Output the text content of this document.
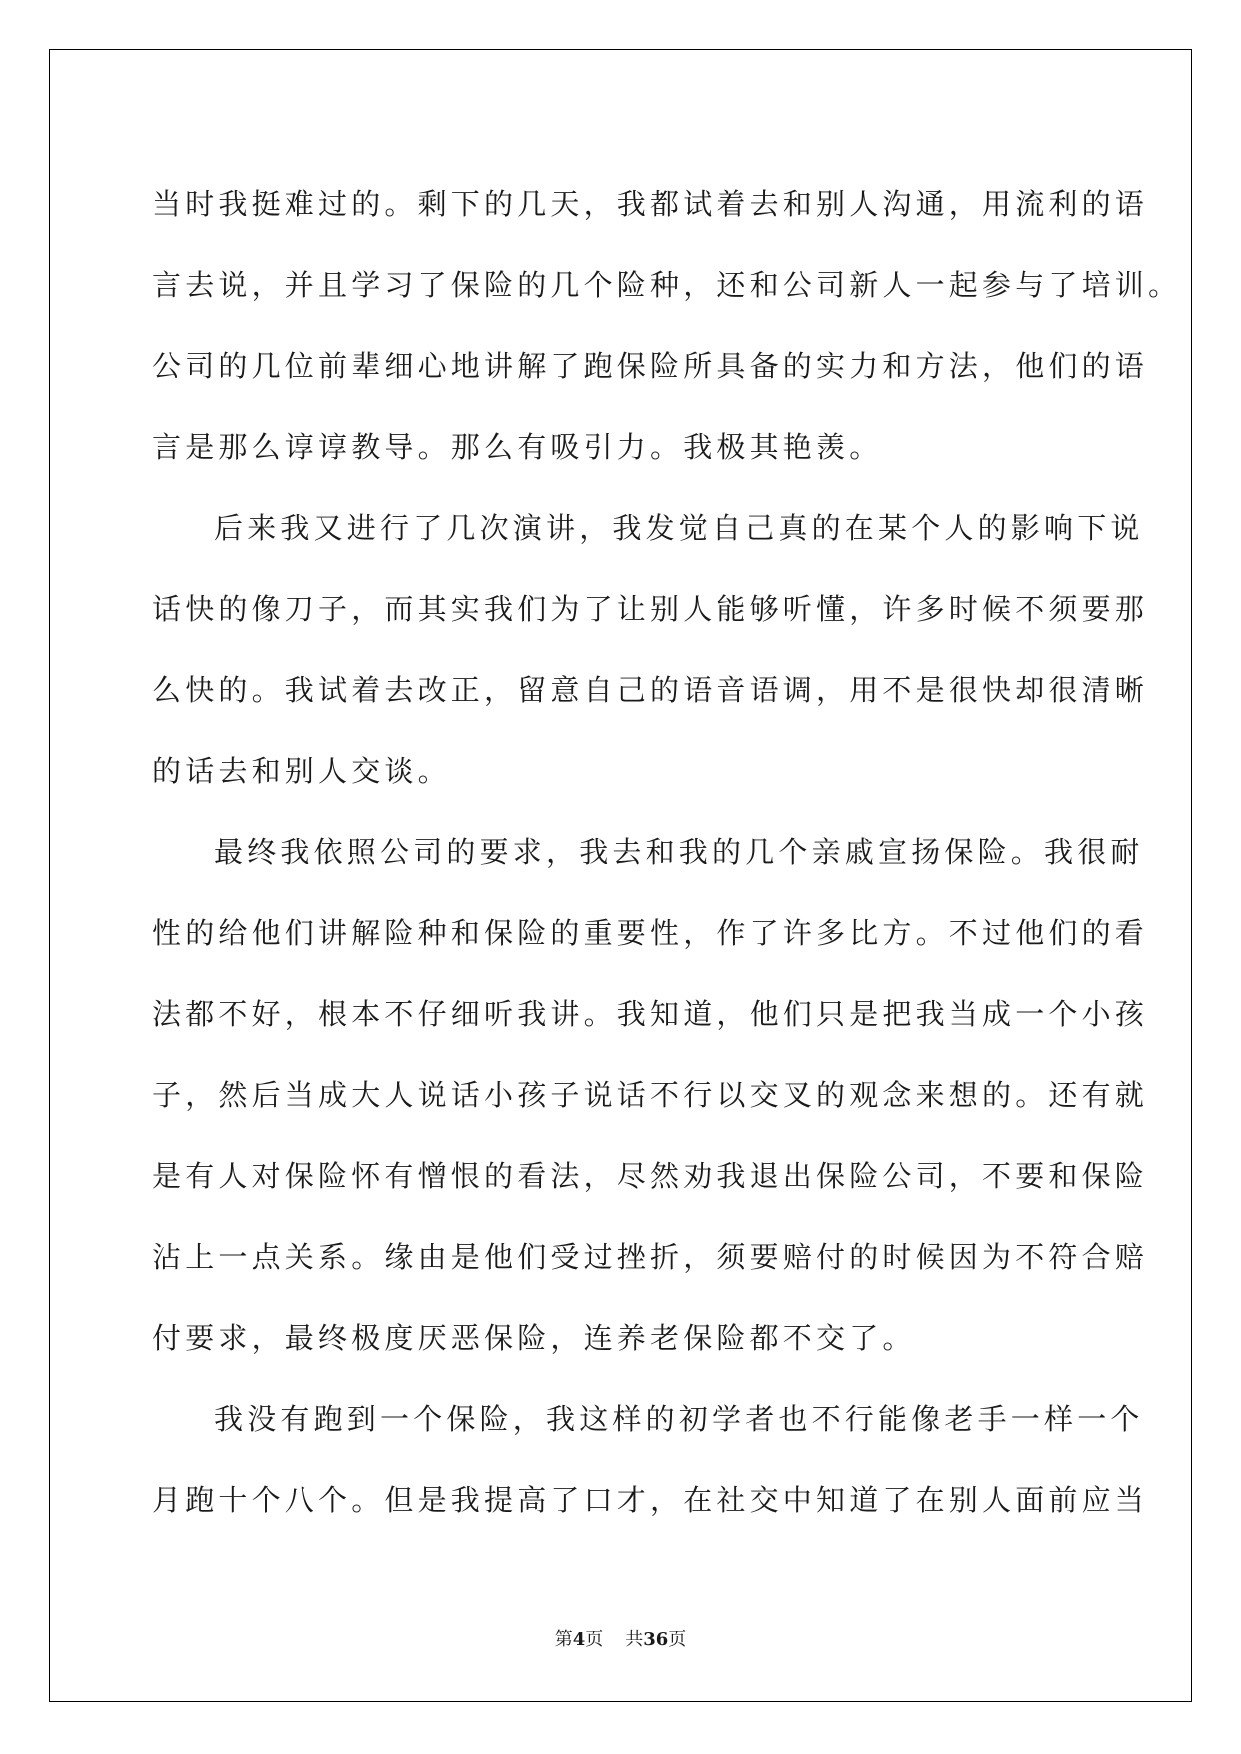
当时我挺难过的。剩下的几天，我都试着去和别人沟通，用流利的语

言去说，并且学习了保险的几个险种，还和公司新人一起参与了培训。

公司的几位前辈细心地讲解了跑保险所具备的实力和方法，他们的语

言是那么谆谆教导。那么有吸引力。我极其艳羡。

后来我又进行了几次演讲，我发觉自己真的在某个人的影响下说

话快的像刀子，而其实我们为了让别人能够听懂，许多时候不须要那

么快的。我试着去改正，留意自己的语音语调，用不是很快却很清晰

的话去和别人交谈。

最终我依照公司的要求，我去和我的几个亲戚宣扬保险。我很耐

性的给他们讲解险种和保险的重要性，作了许多比方。不过他们的看

法都不好，根本不仔细听我讲。我知道，他们只是把我当成一个小孩

子，然后当成大人说话小孩子说话不行以交叉的观念来想的。还有就

是有人对保险怀有憎恨的看法，尽然劝我退出保险公司，不要和保险

沾上一点关系。缘由是他们受过挫折，须要赔付的时候因为不符合赔

付要求，最终极度厌恶保险，连养老保险都不交了。

我没有跑到一个保险，我这样的初学者也不行能像老手一样一个

月跑十个八个。但是我提高了口才，在社交中知道了在别人面前应当

第4页 共36页
